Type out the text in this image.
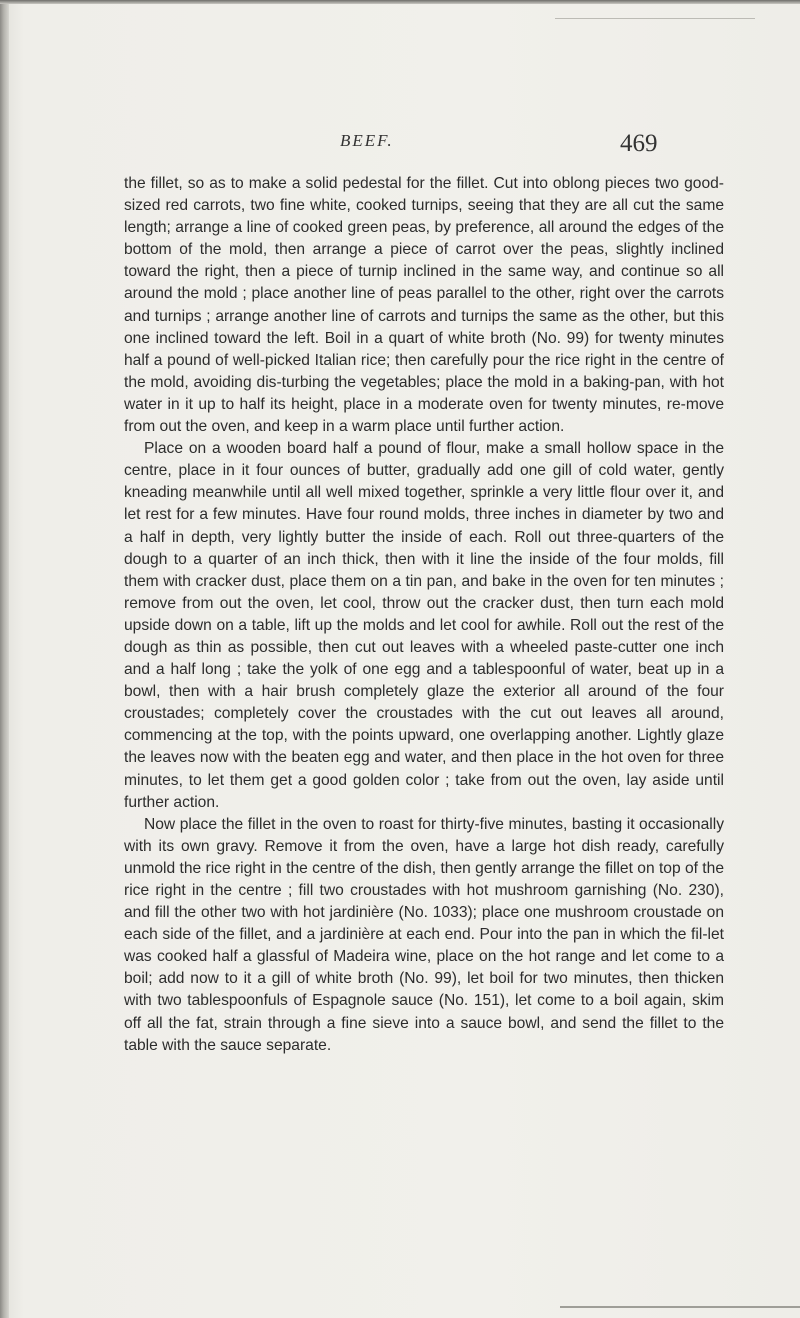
BEEF.	469

the fillet, so as to make a solid pedestal for the fillet. Cut into oblong pieces two good-sized red carrots, two fine white, cooked turnips, seeing that they are all cut the same length; arrange a line of cooked green peas, by preference, all around the edges of the bottom of the mold, then arrange a piece of carrot over the peas, slightly inclined toward the right, then a piece of turnip inclined in the same way, and continue so all around the mold ; place another line of peas parallel to the other, right over the carrots and turnips ; arrange another line of carrots and turnips the same as the other, but this one inclined toward the left. Boil in a quart of white broth (No. 99) for twenty minutes half a pound of well-picked Italian rice; then carefully pour the rice right in the centre of the mold, avoiding dis-turbing the vegetables; place the mold in a baking-pan, with hot water in it up to half its height, place in a moderate oven for twenty minutes, re-move from out the oven, and keep in a warm place until further action.

Place on a wooden board half a pound of flour, make a small hollow space in the centre, place in it four ounces of butter, gradually add one gill of cold water, gently kneading meanwhile until all well mixed together, sprinkle a very little flour over it, and let rest for a few minutes. Have four round molds, three inches in diameter by two and a half in depth, very lightly butter the inside of each. Roll out three-quarters of the dough to a quarter of an inch thick, then with it line the inside of the four molds, fill them with cracker dust, place them on a tin pan, and bake in the oven for ten minutes ; remove from out the oven, let cool, throw out the cracker dust, then turn each mold upside down on a table, lift up the molds and let cool for awhile. Roll out the rest of the dough as thin as possible, then cut out leaves with a wheeled paste-cutter one inch and a half long ; take the yolk of one egg and a tablespoonful of water, beat up in a bowl, then with a hair brush completely glaze the exterior all around of the four croustades; completely cover the croustades with the cut out leaves all around, commencing at the top, with the points upward, one overlapping another. Lightly glaze the leaves now with the beaten egg and water, and then place in the hot oven for three minutes, to let them get a good golden color ; take from out the oven, lay aside until further action.

Now place the fillet in the oven to roast for thirty-five minutes, basting it occasionally with its own gravy. Remove it from the oven, have a large hot dish ready, carefully unmold the rice right in the centre of the dish, then gently arrange the fillet on top of the rice right in the centre ; fill two croustades with hot mushroom garnishing (No. 230), and fill the other two with hot jardinière (No. 1033); place one mushroom croustade on each side of the fillet, and a jardinière at each end. Pour into the pan in which the fil-let was cooked half a glassful of Madeira wine, place on the hot range and let come to a boil; add now to it a gill of white broth (No. 99), let boil for two minutes, then thicken with two tablespoonfuls of Espagnole sauce (No. 151), let come to a boil again, skim off all the fat, strain through a fine sieve into a sauce bowl, and send the fillet to the table with the sauce separate.
